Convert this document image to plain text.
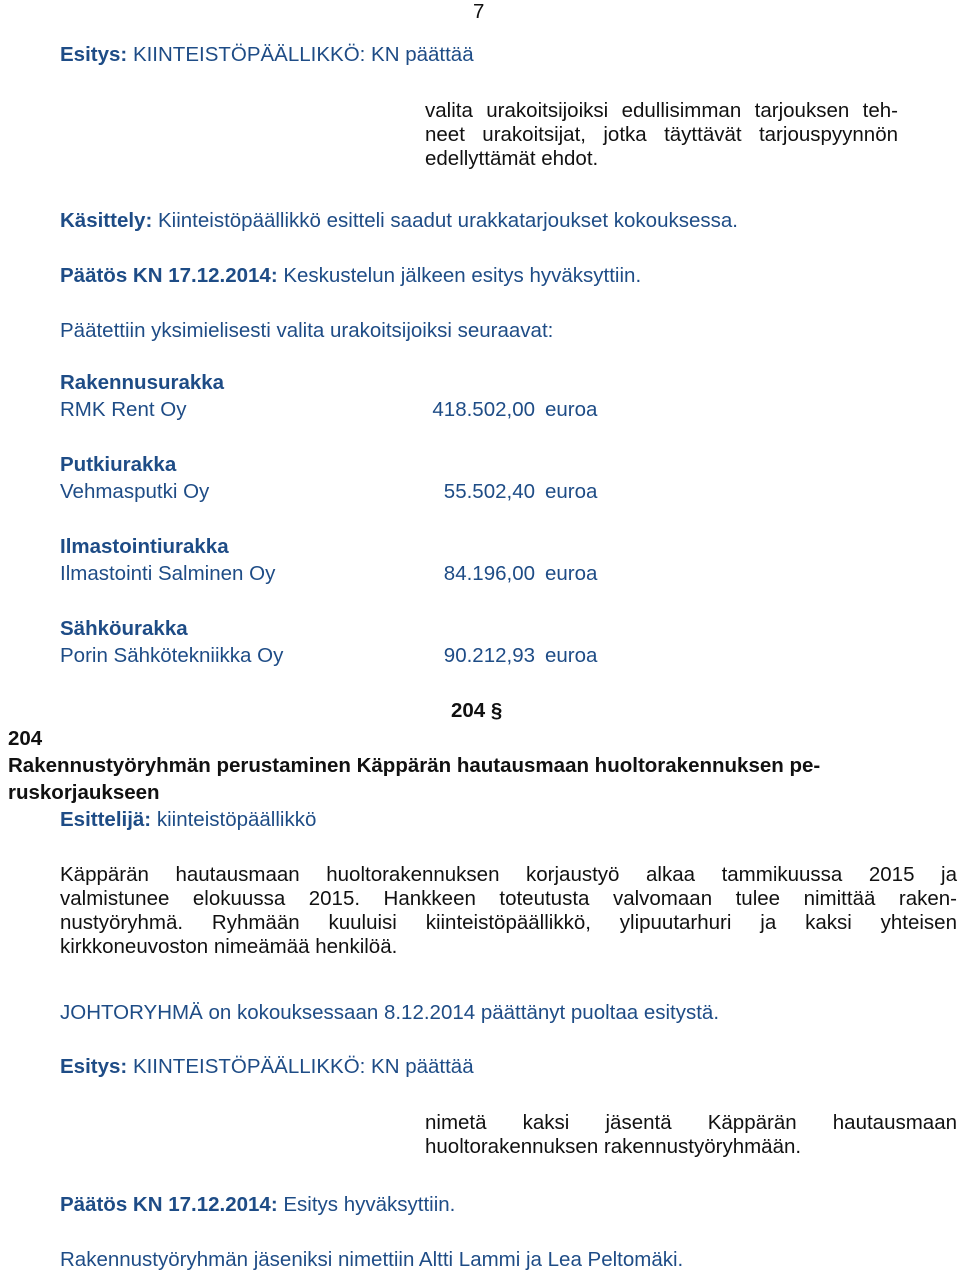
7
Esitys: KIINTEISTÖPÄÄLLIKKÖ: KN päättää
valita urakoitsijoiksi edullisimman tarjouksen teh-
neet urakoitsijat, jotka täyttävät tarjouspyynnön
edellyttämät ehdot.
Käsittely: Kiinteistöpäällikkö esitteli saadut urakkatarjoukset kokouksessa.
Päätös KN 17.12.2014: Keskustelun jälkeen esitys hyväksyttiin.
Päätettiin yksimielisesti valita urakoitsijoiksi seuraavat:
Rakennusurakka
RMK Rent Oy	418.502,00 euroa
Putkiurakka
Vehmasputki Oy	55.502,40 euroa
Ilmastointiurakka
Ilmastointi Salminen Oy	84.196,00 euroa
Sähköurakka
Porin Sähkötekniikka Oy	90.212,93 euroa
204 §
204
Rakennustyöryhmän perustaminen Käppärän hautausmaan huoltorakennuksen pe-
ruskorjaukseen
Esittelijä: kiinteistöpäällikkö
Käppärän hautausmaan huoltorakennuksen korjaustyö alkaa tammikuussa 2015 ja
valmistunee elokuussa 2015. Hankkeen toteutusta valvomaan tulee nimittää raken-
nustyöryhmä. Ryhmään kuuluisi kiinteistöpäällikkö, ylipuutarhuri ja kaksi yhteisen
kirkkoneuvoston nimeämää henkilöä.
JOHTORYHMÄ on kokouksessaan 8.12.2014 päättänyt puoltaa esitystä.
Esitys: KIINTEISTÖPÄÄLLIKKÖ: KN päättää
nimetä kaksi jäsentä Käppärän hautausmaan
huoltorakennuksen rakennustyöryhmään.
Päätös KN 17.12.2014: Esitys hyväksyttiin.
Rakennustyöryhmän jäseniksi nimettiin Altti Lammi ja Lea Peltomäki.
